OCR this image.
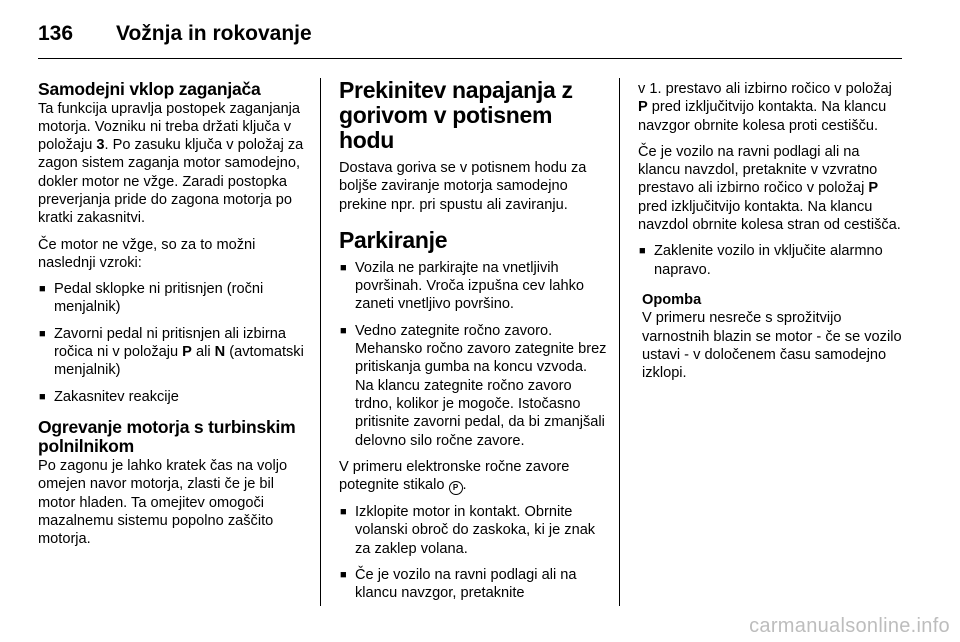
136	Vožnja in rokovanje
Samodejni vklop zaganjača

Ta funkcija upravlja postopek zaganjanja motorja. Vozniku ni treba držati ključa v položaju 3. Po zasuku ključa v položaj za zagon sistem zaganja motor samodejno, dokler motor ne vžge. Zaradi postopka preverjanja pride do zagona motorja po kratki zakasnitvi.

Če motor ne vžge, so za to možni naslednji vzroki:

■ Pedal sklopke ni pritisnjen (ročni menjalnik)
■ Zavorni pedal ni pritisnjen ali izbirna ročica ni v položaju P ali N (avtomatski menjalnik)
■ Zakasnitev reakcije
Ogrevanje motorja s turbinskim polnilnikom

Po zagonu je lahko kratek čas na voljo omejen navor motorja, zlasti če je bil motor hladen. Ta omejitev omogoči mazalnemu sistemu popolno zaščito motorja.

Prekinitev napajanja z gorivom v potisnem hodu

Dostava goriva se v potisnem hodu za boljše zaviranje motorja samodejno prekine npr. pri spustu ali zaviranju.

Parkiranje
■ Vozila ne parkirajte na vnetljivih površinah. Vroča izpušna cev lahko zaneti vnetljivo površino.
■ Vedno zategnite ročno zavoro. Mehansko ročno zavoro zategnite brez pritiskanja gumba na koncu vzvoda. Na klancu zategnite ročno zavoro trdno, kolikor je mogoče. Istočasno pritisnite zavorni pedal, da bi zmanjšali delovno silo ročne zavore.

V primeru elektronske ročne zavore potegnite stikalo P .

■ Izklopite motor in kontakt. Obrnite volanski obroč do zaskoka, ki je znak za zaklep volana.
■ Če je vozilo na ravni podlagi ali na klancu navzgor, pretaknite

v 1. prestavo ali izbirno ročico v položaj P pred izključitvijo kontakta. Na klancu navzgor obrnite kolesa proti cestišču.

Če je vozilo na ravni podlagi ali na klancu navzdol, pretaknite v vzvratno prestavo ali izbirno ročico v položaj P pred izključitvijo kontakta. Na klancu navzdol obrnite kolesa stran od cestišča.

■ Zaklenite vozilo in vključite alarmno napravo.
Opomba
V primeru nesreče s sprožitvijo varnostnih blazin se motor - če se vozilo ustavi - v določenem času samodejno izklopi.
carmanualsonline.info
